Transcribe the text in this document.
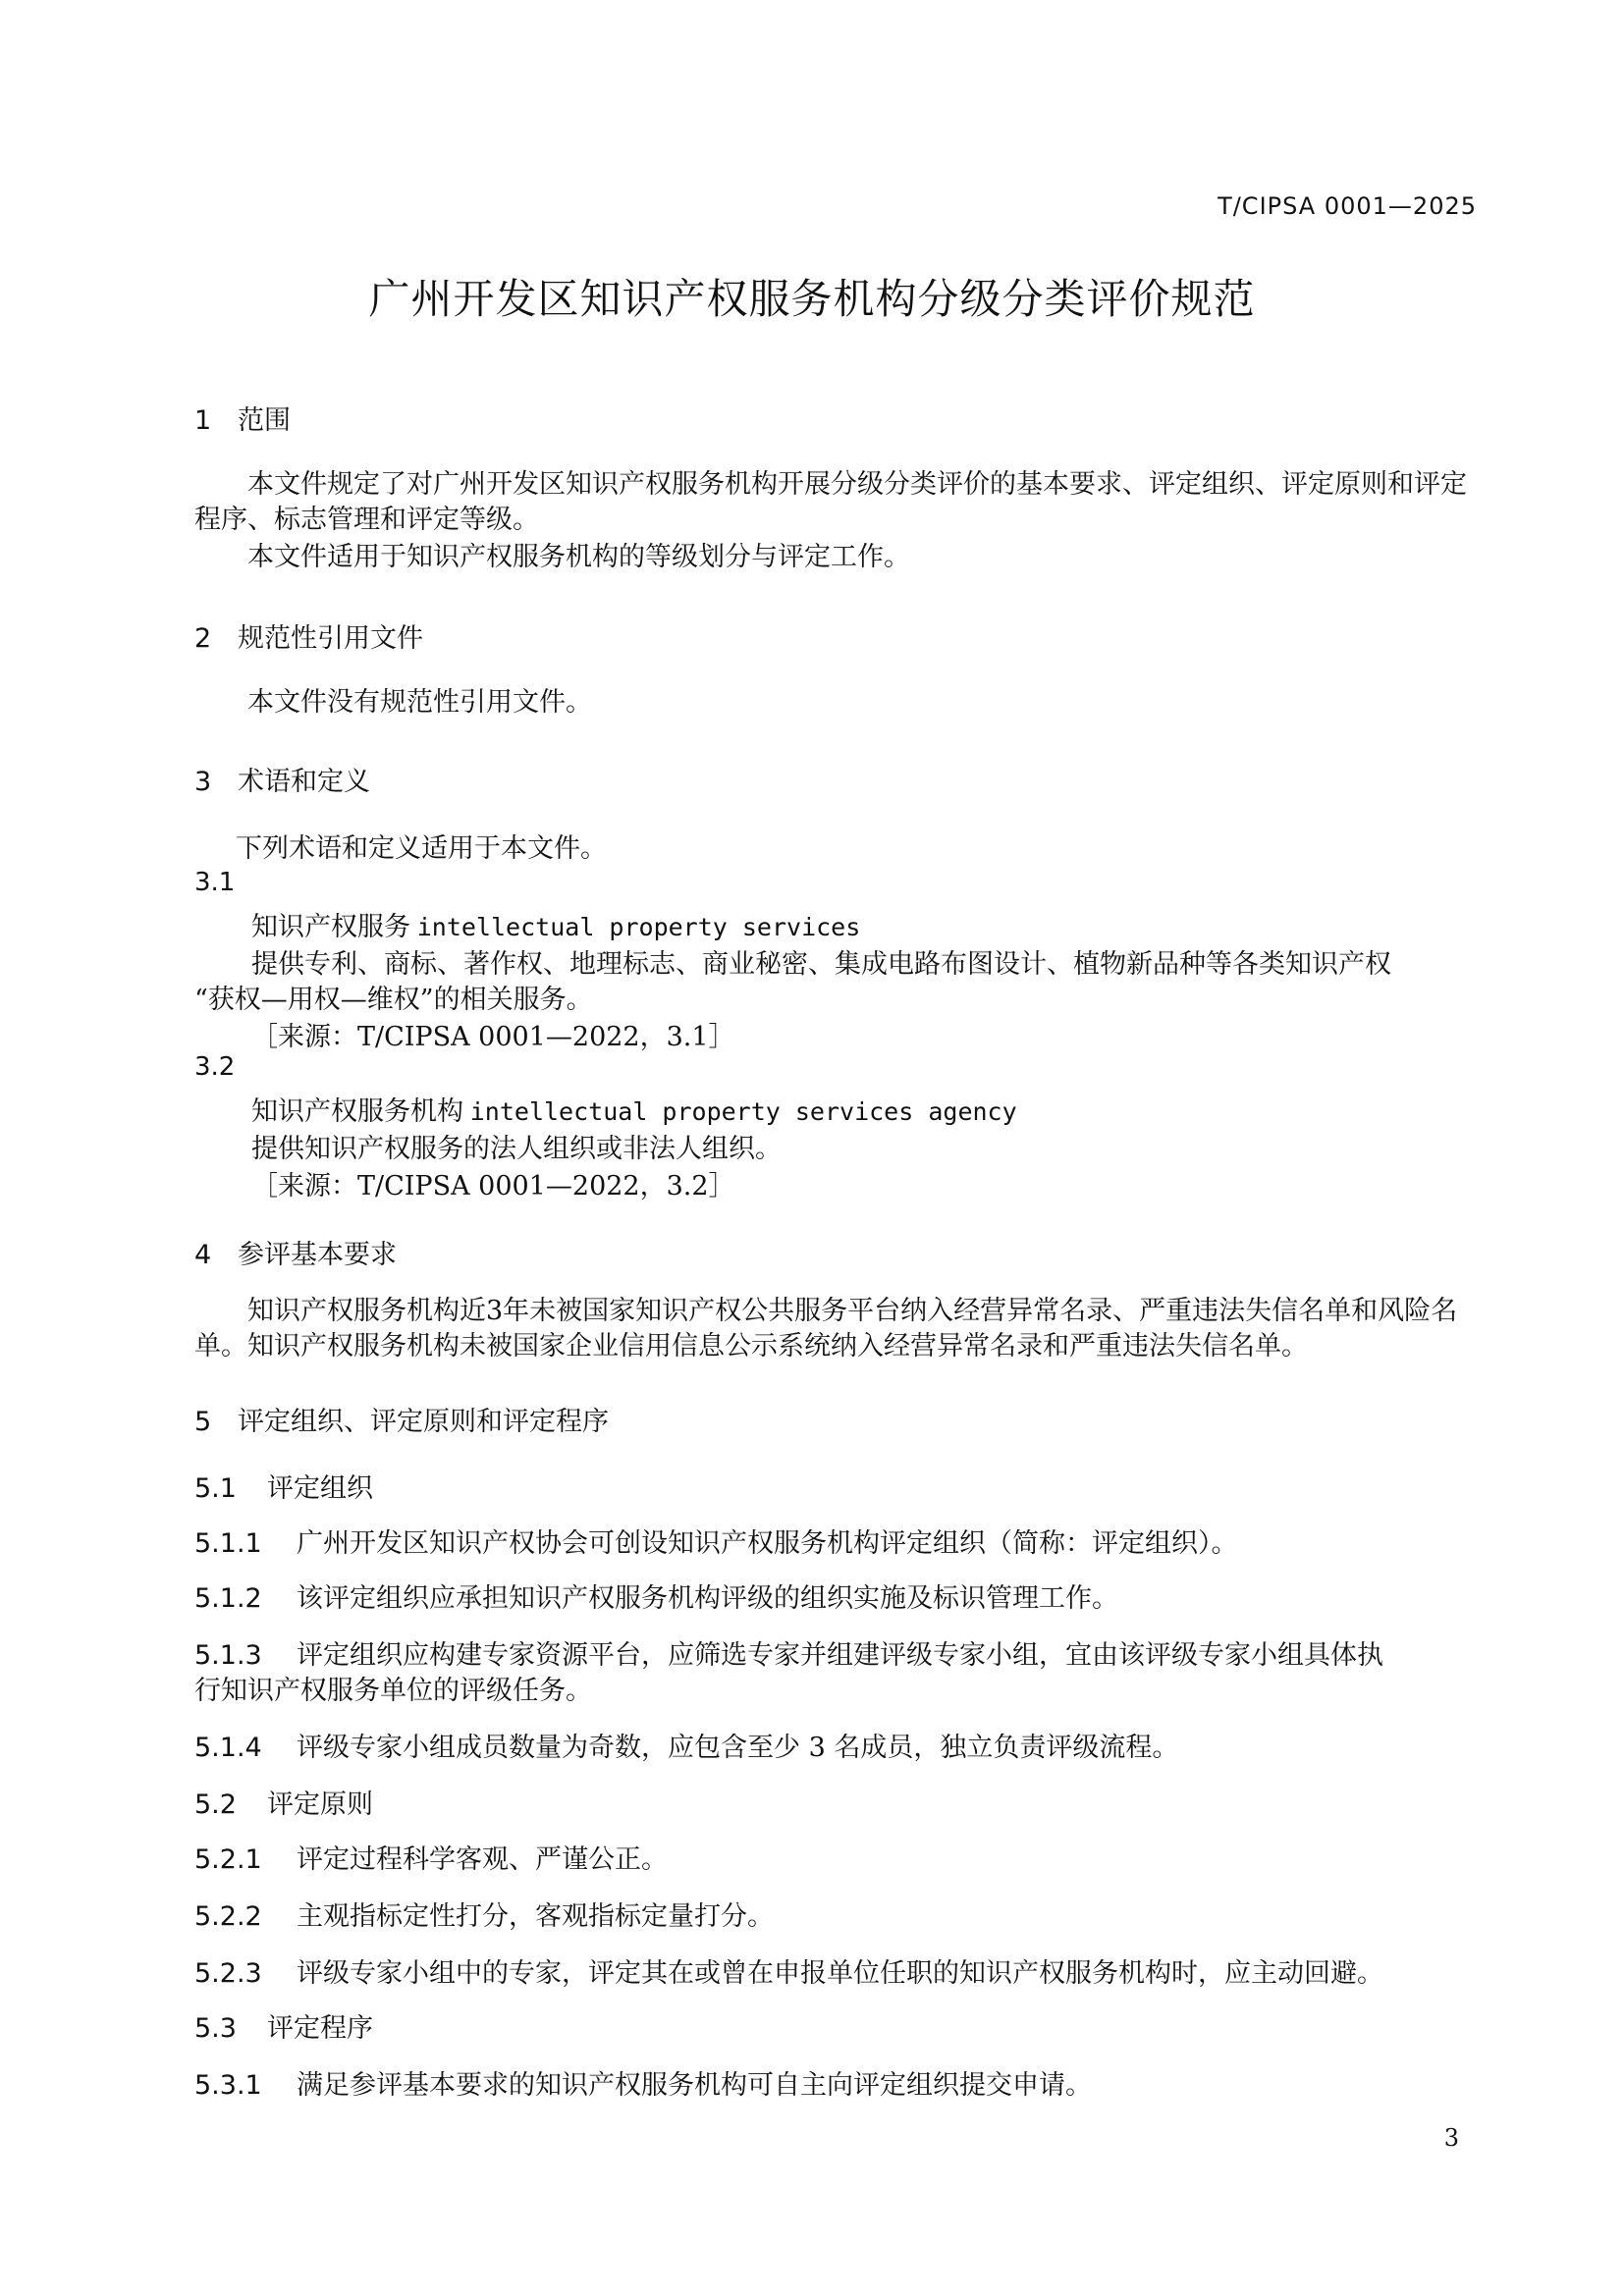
T/CIPSA 0001—2025
广州开发区知识产权服务机构分级分类评价规范
1 范围
本文件规定了对广州开发区知识产权服务机构开展分级分类评价的基本要求、评定组织、评定原则和评定程序、标志管理和评定等级。
本文件适用于知识产权服务机构的等级划分与评定工作。
2 规范性引用文件
本文件没有规范性引用文件。
3 术语和定义
下列术语和定义适用于本文件。
3.1
知识产权服务 intellectual property services
提供专利、商标、著作权、地理标志、商业秘密、集成电路布图设计、植物新品种等各类知识产权
“获权—用权—维权”的相关服务。
［来源：T/CIPSA 0001—2022，3.1］
3.2
知识产权服务机构 intellectual property services agency
提供知识产权服务的法人组织或非法人组织。
［来源：T/CIPSA 0001—2022，3.2］
4 参评基本要求
知识产权服务机构近3年未被国家知识产权公共服务平台纳入经营异常名录、严重违法失信名单和风险名单。知识产权服务机构未被国家企业信用信息公示系统纳入经营异常名录和严重违法失信名单。
5 评定组织、评定原则和评定程序
5.1 评定组织
5.1.1 广州开发区知识产权协会可创设知识产权服务机构评定组织（简称：评定组织）。
5.1.2 该评定组织应承担知识产权服务机构评级的组织实施及标识管理工作。
5.1.3 评定组织应构建专家资源平台，应筛选专家并组建评级专家小组，宜由该评级专家小组具体执
行知识产权服务单位的评级任务。
5.1.4 评级专家小组成员数量为奇数，应包含至少 3 名成员，独立负责评级流程。
5.2 评定原则
5.2.1 评定过程科学客观、严谨公正。
5.2.2 主观指标定性打分，客观指标定量打分。
5.2.3 评级专家小组中的专家，评定其在或曾在申报单位任职的知识产权服务机构时，应主动回避。
5.3 评定程序
5.3.1 满足参评基本要求的知识产权服务机构可自主向评定组织提交申请。
3
